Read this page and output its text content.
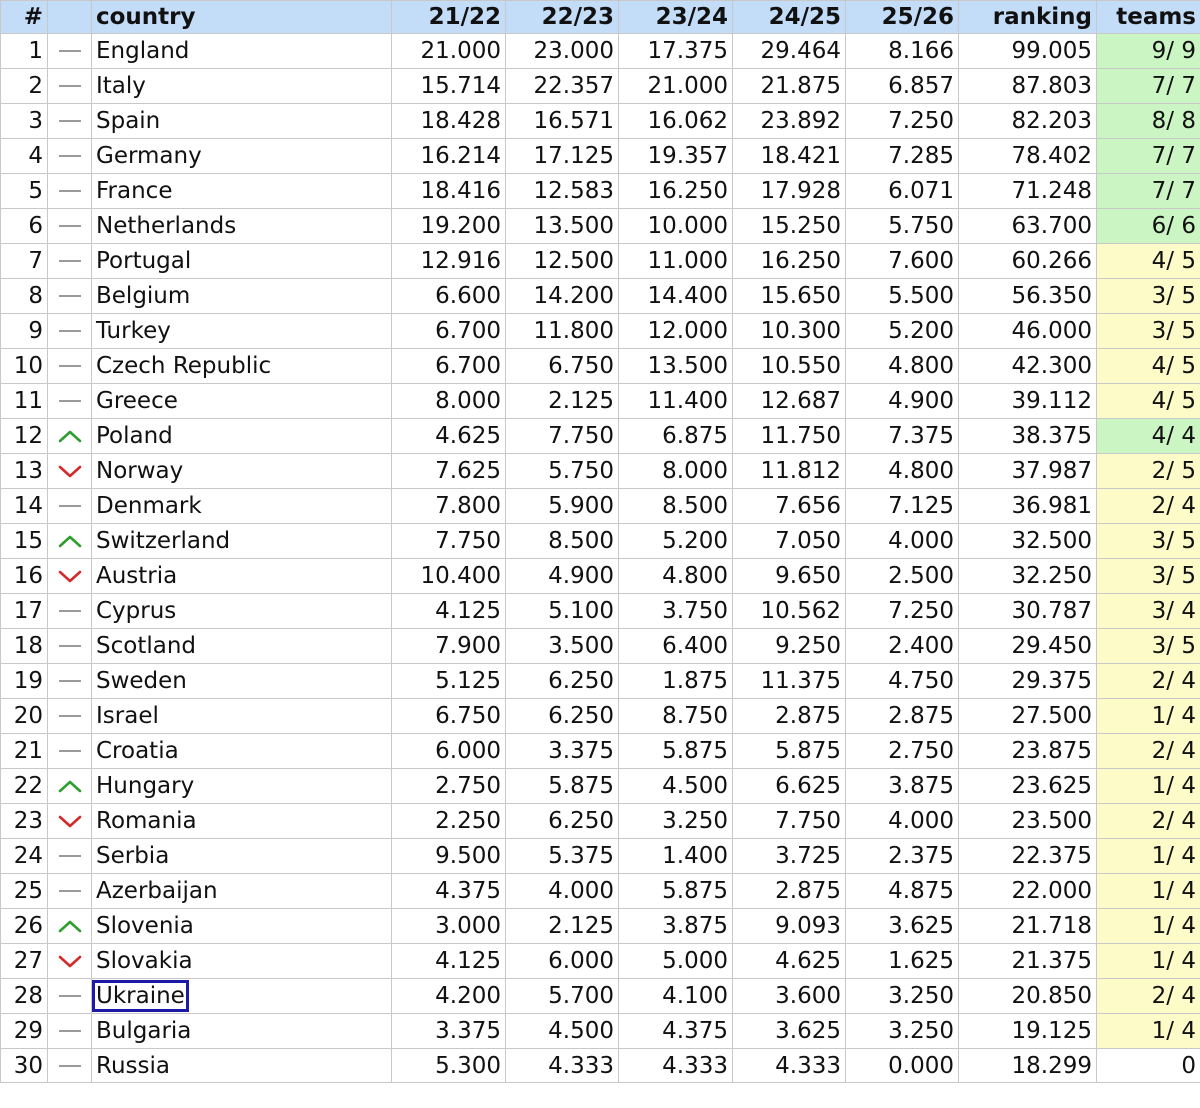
#		country	21/22	22/23	23/24	24/25	25/26	ranking	teams
1		England	21.000	23.000	17.375	29.464	8.166	99.005	9/ 9
2		Italy	15.714	22.357	21.000	21.875	6.857	87.803	7/ 7
3		Spain	18.428	16.571	16.062	23.892	7.250	82.203	8/ 8
4		Germany	16.214	17.125	19.357	18.421	7.285	78.402	7/ 7
5		France	18.416	12.583	16.250	17.928	6.071	71.248	7/ 7
6		Netherlands	19.200	13.500	10.000	15.250	5.750	63.700	6/ 6
7		Portugal	12.916	12.500	11.000	16.250	7.600	60.266	4/ 5
8		Belgium	6.600	14.200	14.400	15.650	5.500	56.350	3/ 5
9		Turkey	6.700	11.800	12.000	10.300	5.200	46.000	3/ 5
10		Czech Republic	6.700	6.750	13.500	10.550	4.800	42.300	4/ 5
11		Greece	8.000	2.125	11.400	12.687	4.900	39.112	4/ 5
12		Poland	4.625	7.750	6.875	11.750	7.375	38.375	4/ 4
13		Norway	7.625	5.750	8.000	11.812	4.800	37.987	2/ 5
14		Denmark	7.800	5.900	8.500	7.656	7.125	36.981	2/ 4
15		Switzerland	7.750	8.500	5.200	7.050	4.000	32.500	3/ 5
16		Austria	10.400	4.900	4.800	9.650	2.500	32.250	3/ 5
17		Cyprus	4.125	5.100	3.750	10.562	7.250	30.787	3/ 4
18		Scotland	7.900	3.500	6.400	9.250	2.400	29.450	3/ 5
19		Sweden	5.125	6.250	1.875	11.375	4.750	29.375	2/ 4
20		Israel	6.750	6.250	8.750	2.875	2.875	27.500	1/ 4
21		Croatia	6.000	3.375	5.875	5.875	2.750	23.875	2/ 4
22		Hungary	2.750	5.875	4.500	6.625	3.875	23.625	1/ 4
23		Romania	2.250	6.250	3.250	7.750	4.000	23.500	2/ 4
24		Serbia	9.500	5.375	1.400	3.725	2.375	22.375	1/ 4
25		Azerbaijan	4.375	4.000	5.875	2.875	4.875	22.000	1/ 4
26		Slovenia	3.000	2.125	3.875	9.093	3.625	21.718	1/ 4
27		Slovakia	4.125	6.000	5.000	4.625	1.625	21.375	1/ 4
28		Ukraine	4.200	5.700	4.100	3.600	3.250	20.850	2/ 4
29		Bulgaria	3.375	4.500	4.375	3.625	3.250	19.125	1/ 4
30		Russia	5.300	4.333	4.333	4.333	0.000	18.299	0
